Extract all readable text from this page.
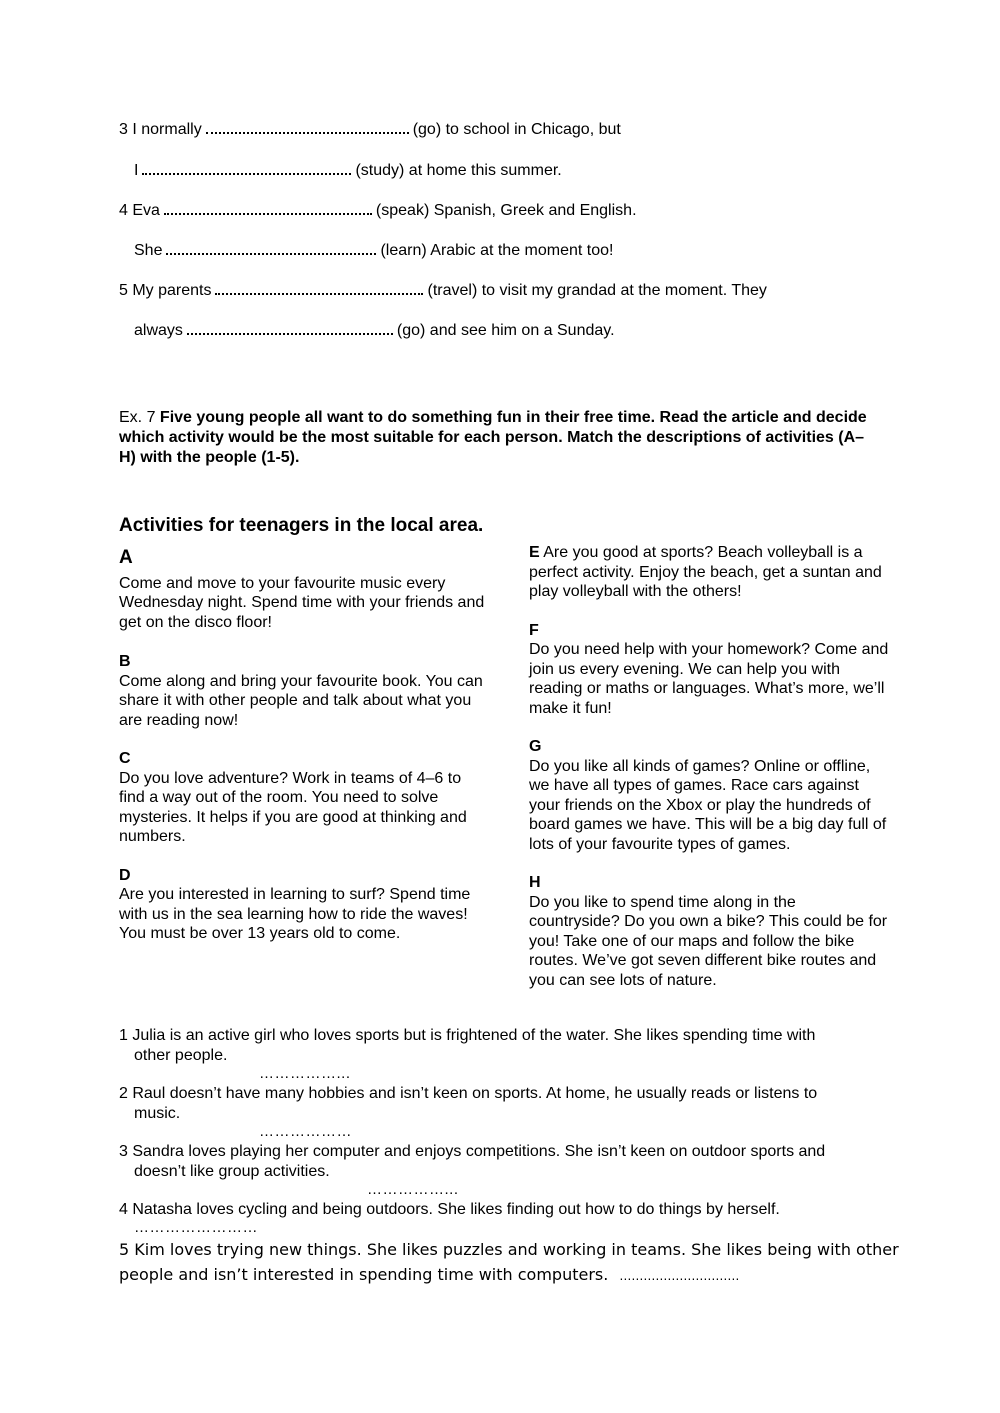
3 I normally	(go) to school in Chicago, but
I	(study) at home this summer.
4 Eva	(speak) Spanish, Greek and English.
She	(learn) Arabic at the moment too!
5 My parents	(travel) to visit my grandad at the moment. They
always	(go) and see him on a Sunday.
Ex. 7 Five young people all want to do something fun in their free time. Read the article and decide which activity would be the most suitable for each person. Match the descriptions of activities (A–H) with the people (1-5).
Activities for teenagers in the local area.
A
Come and move to your favourite music every Wednesday night. Spend time with your friends and get on the disco floor!
B
Come along and bring your favourite book. You can share it with other people and talk about what you are reading now!
C
Do you love adventure? Work in teams of 4–6 to find a way out of the room. You need to solve mysteries. It helps if you are good at thinking and numbers.
D
Are you interested in learning to surf? Spend time with us in the sea learning how to ride the waves! You must be over 13 years old to come.
E Are you good at sports? Beach volleyball is a perfect activity. Enjoy the beach, get a suntan and play volleyball with the others!
F
Do you need help with your homework? Come and join us every evening. We can help you with reading or maths or languages. What’s more, we’ll make it fun!
G
Do you like all kinds of games? Online or offline, we have all types of games. Race cars against your friends on the Xbox or play the hundreds of board games we have. This will be a big day full of lots of your favourite types of games.
H
Do you like to spend time along in the countryside? Do you own a bike? This could be for you! Take one of our maps and follow the bike routes. We’ve got seven different bike routes and you can see lots of nature.
1 Julia is an active girl who loves sports but is frightened of the water. She likes spending time with
other people.
……………...
2 Raul doesn’t have many hobbies and isn’t keen on sports. At home, he usually reads or listens to
music.
………………
3 Sandra loves playing her computer and enjoys competitions. She isn’t keen on outdoor sports and
doesn’t like group activities.
……………...
4 Natasha loves cycling and being outdoors. She likes finding out how to do things by herself.
……………………
5 Kim loves trying new things. She likes puzzles and working in teams. She likes being with other
people and isn’t interested in spending time with computers. …………………………
